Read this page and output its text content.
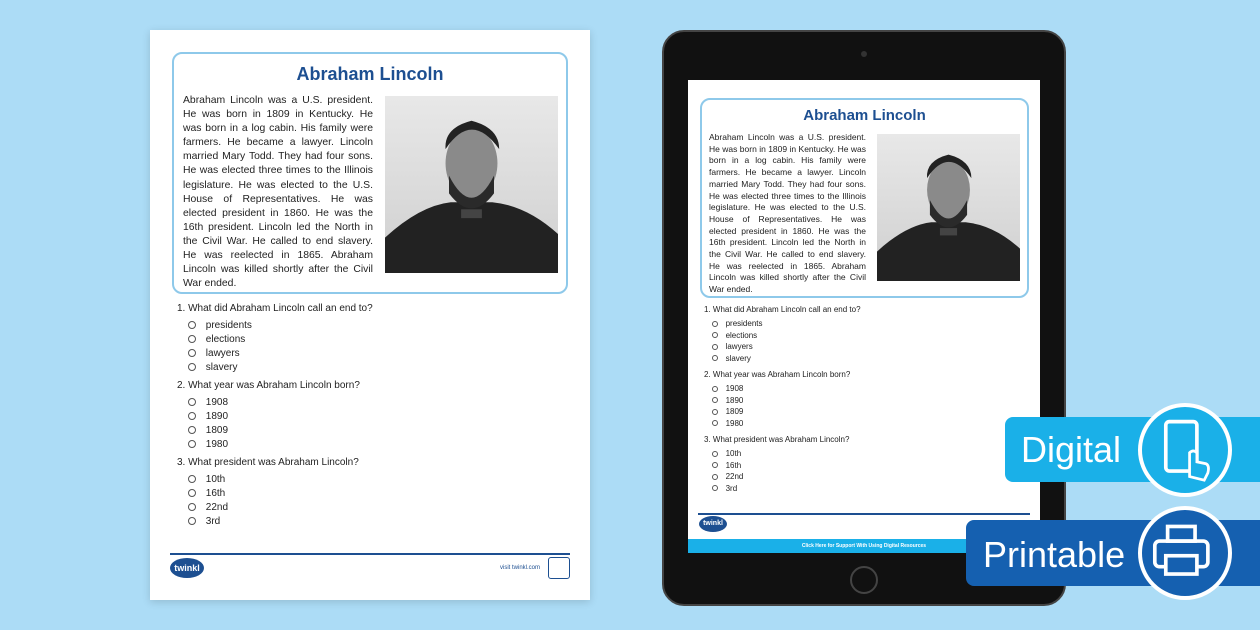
Abraham Lincoln
Abraham Lincoln was a U.S. president. He was born in 1809 in Kentucky. He was born in a log cabin. His family were farmers. He became a lawyer. Lincoln married Mary Todd. They had four sons. He was elected three times to the Illinois legislature. He was elected to the U.S. House of Representatives. He was elected president in 1860. He was the 16th president. Lincoln led the North in the Civil War. He called to end slavery. He was reelected in 1865. Abraham Lincoln was killed shortly after the Civil War ended.
1. What did Abraham Lincoln call an end to?
presidents
elections
lawyers
slavery
2. What year was Abraham Lincoln born?
1908
1890
1809
1980
3. What president was Abraham Lincoln?
10th
16th
22nd
3rd
twinkl	visit twinkl.com
Abraham Lincoln
Abraham Lincoln was a U.S. president. He was born in 1809 in Kentucky. He was born in a log cabin. His family were farmers. He became a lawyer. Lincoln married Mary Todd. They had four sons. He was elected three times to the Illinois legislature. He was elected to the U.S. House of Representatives. He was elected president in 1860. He was the 16th president. Lincoln led the North in the Civil War. He called to end slavery. He was reelected in 1865. Abraham Lincoln was killed shortly after the Civil War ended.
1. What did Abraham Lincoln call an end to?
presidents
elections
lawyers
slavery
2. What year was Abraham Lincoln born?
1908
1890
1809
1980
3. What president was Abraham Lincoln?
10th
16th
22nd
3rd
twinkl
Click Here for Support With Using Digital Resources
Digital
Printable
